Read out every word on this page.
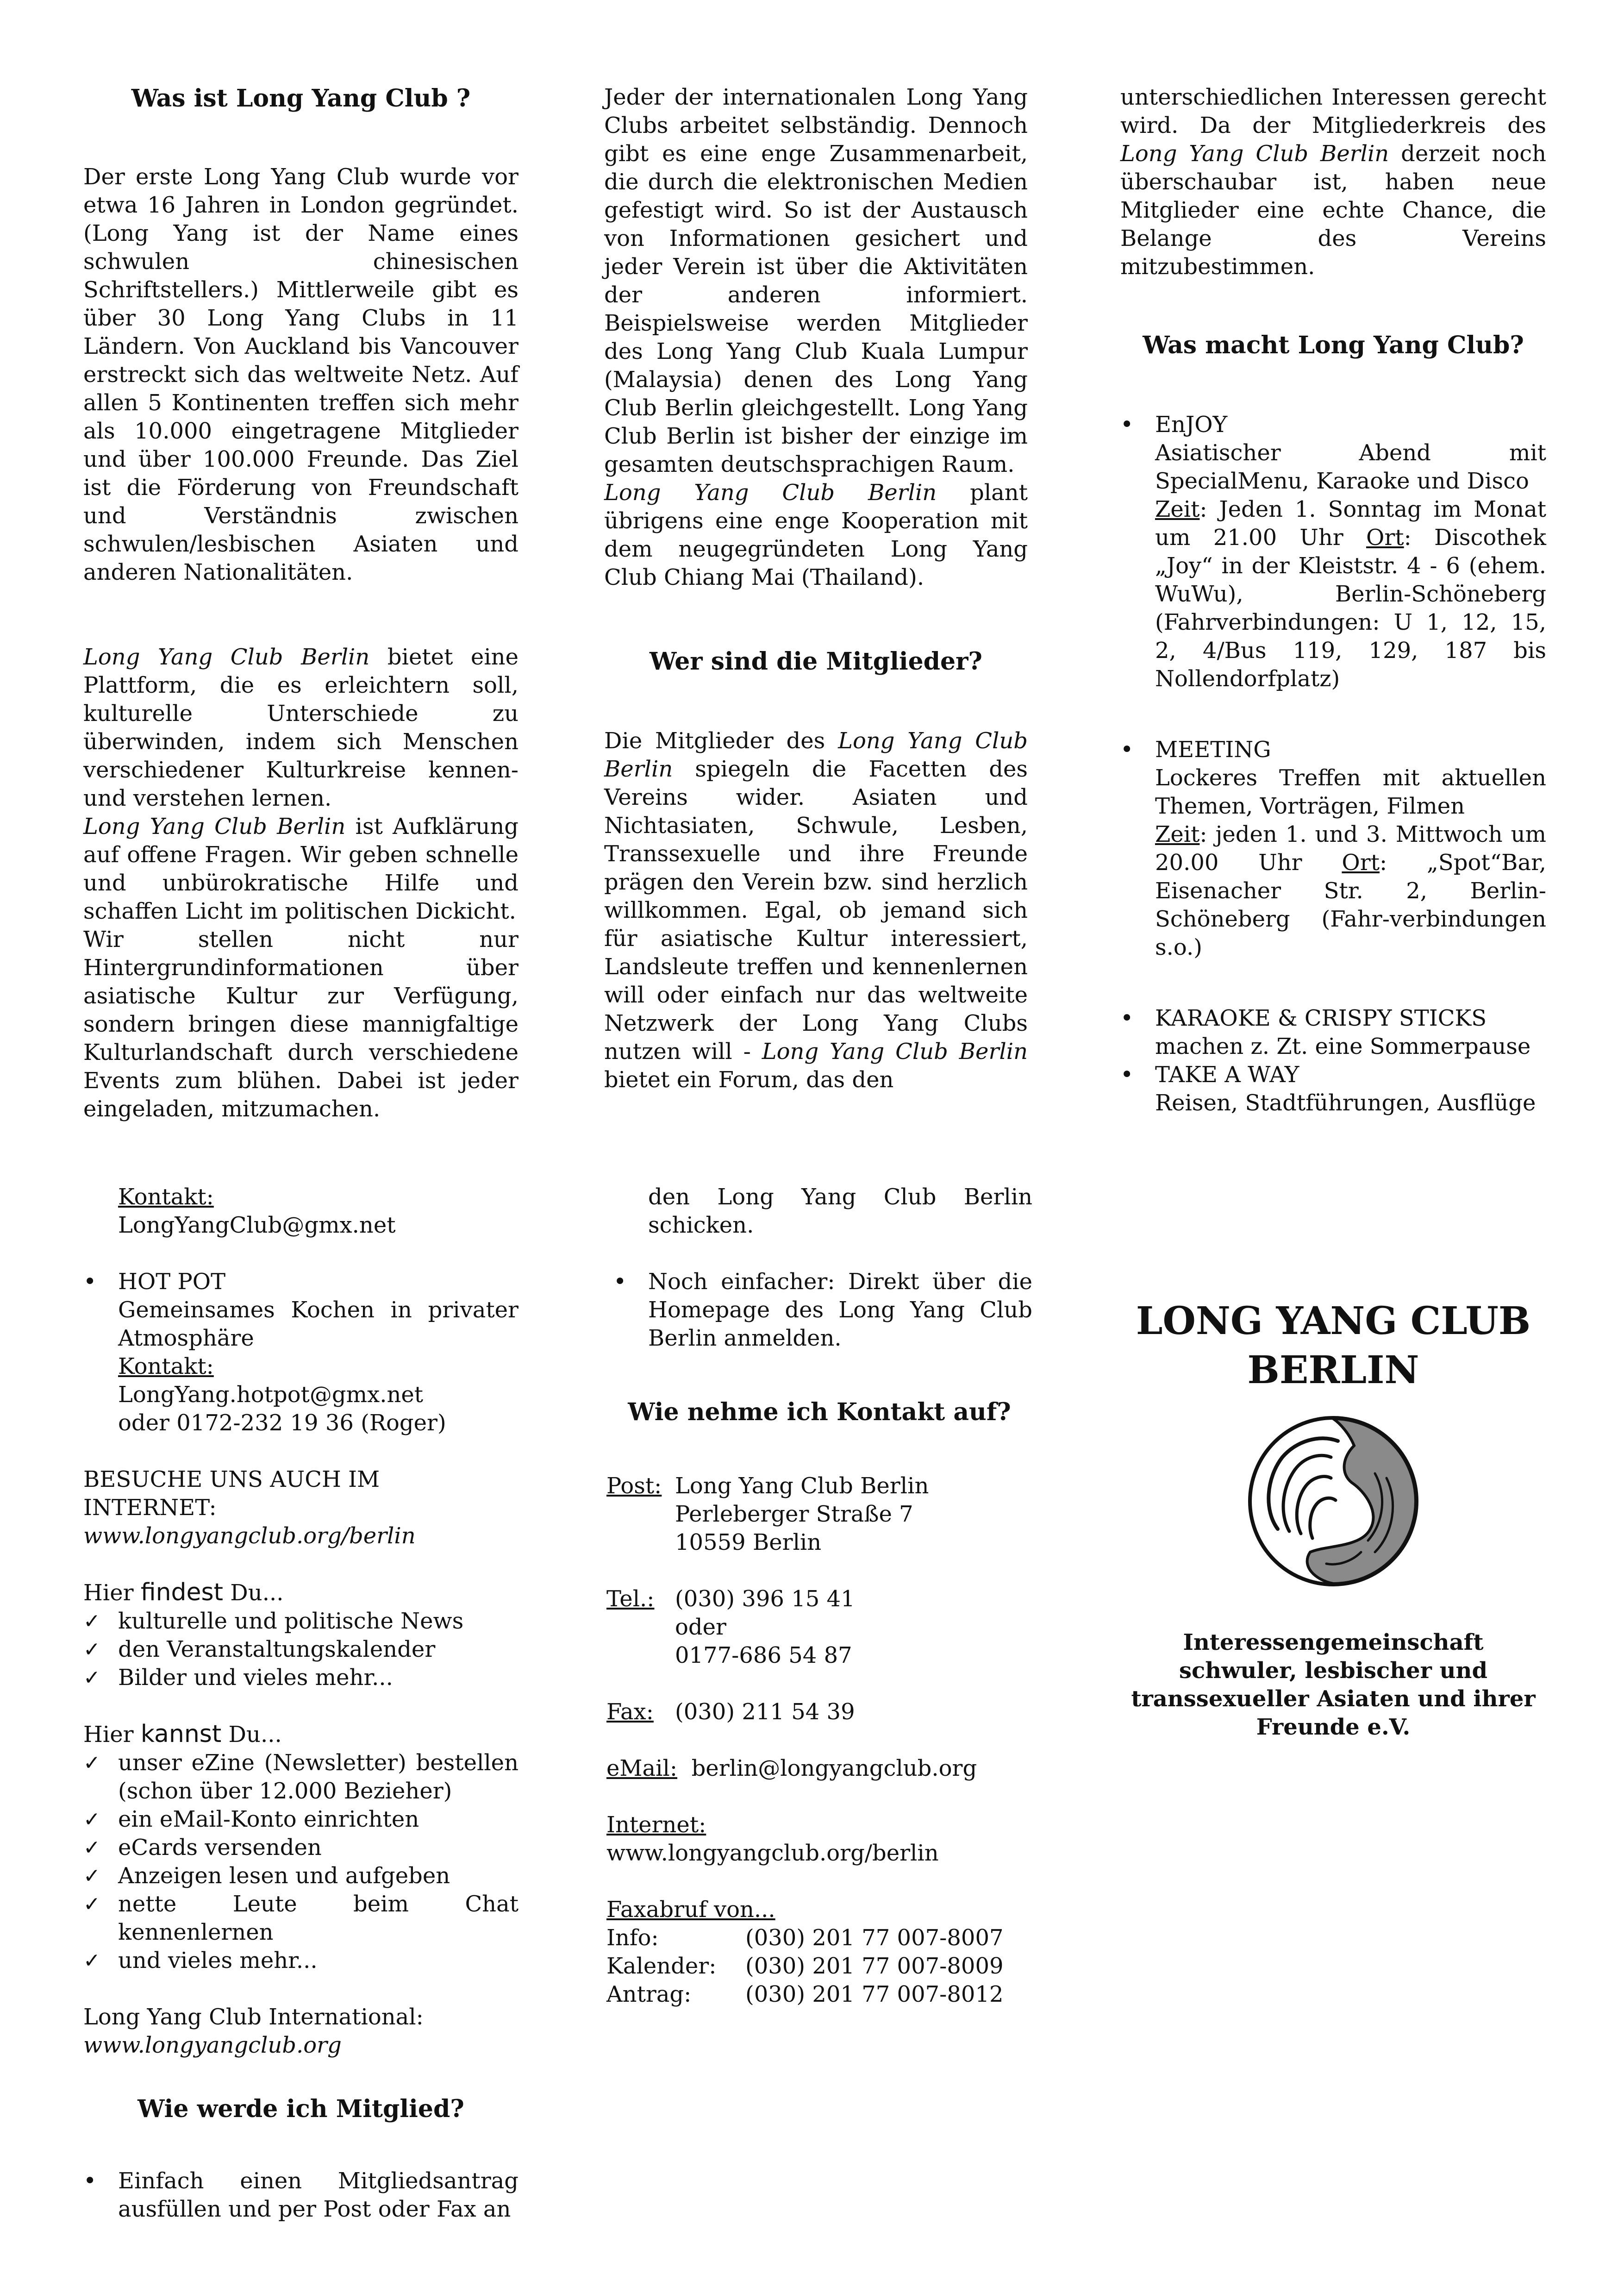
Was ist Long Yang Club ?

Der erste Long Yang Club wurde vor etwa 16 Jahren in London gegründet. (Long Yang ist der Name eines schwulen chinesischen Schriftstellers.) Mittlerweile gibt es über 30 Long Yang Clubs in 11 Ländern. Von Auckland bis Vancouver erstreckt sich das weltweite Netz. Auf allen 5 Kontinenten treffen sich mehr als 10.000 eingetragene Mitglieder und über 100.000 Freunde. Das Ziel ist die Förderung von Freundschaft und Verständnis zwischen schwulen/lesbischen Asiaten und anderen Nationalitäten.

Long Yang Club Berlin bietet eine Plattform, die es erleichtern soll, kulturelle Unterschiede zu überwinden, indem sich Menschen verschiedener Kulturkreise kennen- und verstehen lernen.

Long Yang Club Berlin ist Aufklärung auf offene Fragen. Wir geben schnelle und unbürokratische Hilfe und schaffen Licht im politischen Dickicht.

Wir stellen nicht nur Hintergrundinformationen über asiatische Kultur zur Verfügung, sondern bringen diese mannigfaltige Kulturlandschaft durch verschiedene Events zum blühen. Dabei ist jeder eingeladen, mitzumachen.

Jeder der internationalen Long Yang Clubs arbeitet selbständig. Dennoch gibt es eine enge Zusammenarbeit, die durch die elektronischen Medien gefestigt wird. So ist der Austausch von Informationen gesichert und jeder Verein ist über die Aktivitäten der anderen informiert. Beispielsweise werden Mitglieder des Long Yang Club Kuala Lumpur (Malaysia) denen des Long Yang Club Berlin gleichgestellt. Long Yang Club Berlin ist bisher der einzige im gesamten deutschsprachigen Raum.

Long Yang Club Berlin plant übrigens eine enge Kooperation mit dem neugegründeten Long Yang Club Chiang Mai (Thailand).

Wer sind die Mitglieder?

Die Mitglieder des Long Yang Club Berlin spiegeln die Facetten des Vereins wider. Asiaten und Nichtasiaten, Schwule, Lesben, Transsexuelle und ihre Freunde prägen den Verein bzw. sind herzlich willkommen. Egal, ob jemand sich für asiatische Kultur interessiert, Landsleute treffen und kennenlernen will oder einfach nur das weltweite Netzwerk der Long Yang Clubs nutzen will - Long Yang Club Berlin bietet ein Forum, das den

unterschiedlichen Interessen gerecht wird. Da der Mitgliederkreis des Long Yang Club Berlin derzeit noch überschaubar ist, haben neue Mitglieder eine echte Chance, die Belange des Vereins mitzubestimmen.

Was macht Long Yang Club?

• EnJOY
Asiatischer Abend mit SpecialMenu, Karaoke und Disco
Zeit: Jeden 1. Sonntag im Monat um 21.00 Uhr Ort: Discothek „Joy“ in der Kleiststr. 4 - 6 (ehem. WuWu), Berlin-Schöneberg (Fahrverbindungen: U 1, 12, 15, 2, 4/Bus 119, 129, 187 bis Nollendorfplatz)
• MEETING
Lockeres Treffen mit aktuellen Themen, Vorträgen, Filmen
Zeit: jeden 1. und 3. Mittwoch um 20.00 Uhr Ort: „Spot“Bar, Eisenacher Str. 2, Berlin-Schöneberg (Fahr-verbindungen s.o.)
• KARAOKE & CRISPY STICKS
machen z. Zt. eine Sommerpause
• TAKE A WAY
Reisen, Stadtführungen, Ausflüge
Kontakt:
LongYangClub@gmx.net
• HOT POT
Gemeinsames Kochen in privater Atmosphäre
Kontakt:
LongYang.hotpot@gmx.net
oder 0172-232 19 36 (Roger)
BESUCHE UNS AUCH IM INTERNET:
www.longyangclub.org/berlin
Hier findest Du...
✓ kulturelle und politische News
✓ den Veranstaltungskalender
✓ Bilder und vieles mehr...
Hier kannst Du...
✓ unser eZine (Newsletter) bestellen (schon über 12.000 Bezieher)
✓ ein eMail-Konto einrichten
✓ eCards versenden
✓ Anzeigen lesen und aufgeben
✓ nette Leute beim Chat kennenlernen
✓ und vieles mehr...
Long Yang Club International:
www.longyangclub.org

Wie werde ich Mitglied?

• Einfach einen Mitgliedsantrag ausfüllen und per Post oder Fax an
den Long Yang Club Berlin schicken.
• Noch einfacher: Direkt über die Homepage des Long Yang Club Berlin anmelden.

Wie nehme ich Kontakt auf?

Post: Long Yang Club Berlin
Perleberger Straße 7
10559 Berlin
Tel.: (030) 396 15 41
oder
0177-686 54 87
Fax: (030) 211 54 39
eMail: berlin@longyangclub.org
Internet:  www.longyangclub.org/berlin
Faxabruf von...
Info:	(030) 201 77 007-8007
Kalender:	(030) 201 77 007-8009
Antrag:	(030) 201 77 007-8012
LONG YANG CLUB
BERLIN
Interessengemeinschaft schwuler, lesbischer und transsexueller Asiaten und ihrer Freunde e.V.
